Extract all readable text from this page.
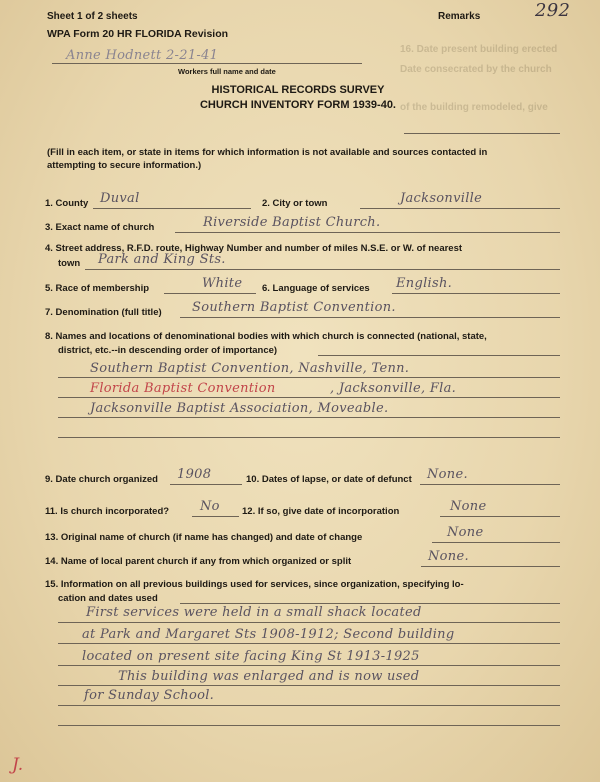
16. Date present building erected
Date consecrated by the church
of the building remodeled, give
Sheet 1 of 2 sheets
WPA Form 20 HR FLORIDA Revision
Remarks	292
Anne Hodnett 2-21-41
Workers full name and date
HISTORICAL RECORDS SURVEY
CHURCH INVENTORY FORM 1939-40.
(Fill in each item, or state in items for which information is not available and sources contacted in
attempting to secure information.)
1. County Duval	2. City or town	Jacksonville
3. Exact name of church	Riverside Baptist Church.
4. Street address, R.F.D. route, Highway Number and number of miles N.S.E. or W. of nearest
town Park and King Sts.
5. Race of membership	White 6. Language of services English.
7. Denomination (full title) Southern Baptist Convention.
8. Names and locations of denominational bodies with which church is connected (national, state,
district, etc.--in descending order of importance)
Southern Baptist Convention, Nashville, Tenn.
Florida Baptist Convention	, Jacksonville, Fla.
Jacksonville Baptist Association, Moveable.
9. Date church organized 1908	10. Dates of lapse, or date of defunct None.
11. Is church incorporated? No 12. If so, give date of incorporation	None
13. Original name of church (if name has changed) and date of change	None
14. Name of local parent church if any from which organized or split	None.
15. Information on all previous buildings used for services, since organization, specifying lo-
cation and dates used
First services were held in a small shack located
at Park and Margaret Sts 1908-1912; Second building
located on present site facing King St 1913-1925
This building was enlarged and is now used
for Sunday School.
J.
